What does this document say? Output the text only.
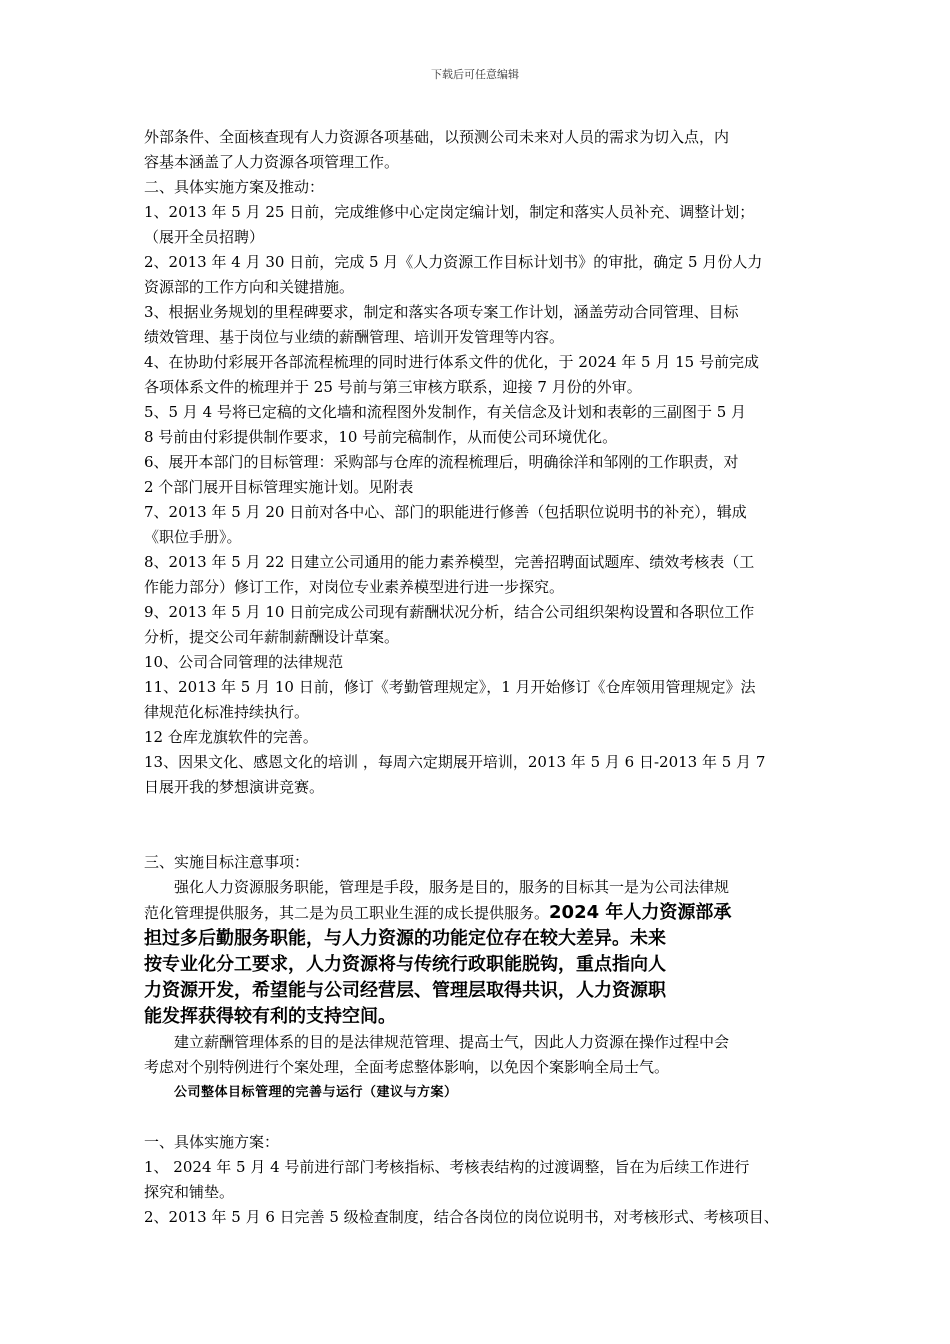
下载后可任意编辑

外部条件、全面核查现有人力资源各项基础，以预测公司未来对人员的需求为切入点，内

容基本涵盖了人力资源各项管理工作。

二、具体实施方案及推动：

1、2013 年 5 月 25 日前，完成维修中心定岗定编计划，制定和落实人员补充、调整计划；

（展开全员招聘）

2、2013 年 4 月 30 日前，完成 5 月《人力资源工作目标计划书》的审批，确定 5 月份人力

资源部的工作方向和关键措施。

3、根据业务规划的里程碑要求，制定和落实各项专案工作计划，涵盖劳动合同管理、目标

绩效管理、基于岗位与业绩的薪酬管理、培训开发管理等内容。

4、在协助付彩展开各部流程梳理的同时进行体系文件的优化，于 2024 年 5 月 15 号前完成

各项体系文件的梳理并于 25 号前与第三审核方联系，迎接 7 月份的外审。

5、5 月 4 号将已定稿的文化墙和流程图外发制作，有关信念及计划和表彰的三副图于 5 月

8 号前由付彩提供制作要求，10 号前完稿制作，从而使公司环境优化。

6、展开本部门的目标管理：采购部与仓库的流程梳理后，明确徐洋和邹刚的工作职责，对

2 个部门展开目标管理实施计划。见附表

7、2013 年 5 月 20 日前对各中心、部门的职能进行修善（包括职位说明书的补充），辑成

《职位手册》。

8、2013 年 5 月 22 日建立公司通用的能力素养模型，完善招聘面试题库、绩效考核表（工

作能力部分）修订工作，对岗位专业素养模型进行进一步探究。

9、2013 年 5 月 10 日前完成公司现有薪酬状况分析，结合公司组织架构设置和各职位工作

分析，提交公司年薪制薪酬设计草案。

10、公司合同管理的法律规范

11、2013 年 5 月 10 日前，修订《考勤管理规定》，1 月开始修订《仓库领用管理规定》法

律规范化标准持续执行。

12 仓库龙旗软件的完善。

13、因果文化、感恩文化的培训 ，每周六定期展开培训，2013 年 5 月 6 日-2013 年 5 月 7

日展开我的梦想演讲竞赛。

三、实施目标注意事项：

强化人力资源服务职能，管理是手段，服务是目的，服务的目标其一是为公司法律规

范化管理提供服务，其二是为员工职业生涯的成长提供服务。2024 年人力资源部承

担过多后勤服务职能，与人力资源的功能定位存在较大差异。未来

按专业化分工要求，人力资源将与传统行政职能脱钩，重点指向人

力资源开发，希望能与公司经营层、管理层取得共识，人力资源职

能发挥获得较有利的支持空间。

建立薪酬管理体系的目的是法律规范管理、提高士气，因此人力资源在操作过程中会

考虑对个别特例进行个案处理，全面考虑整体影响，以免因个案影响全局士气。

公司整体目标管理的完善与运行（建议与方案）

一、具体实施方案：

1、 2024 年 5 月 4 号前进行部门考核指标、考核表结构的过渡调整，旨在为后续工作进行

探究和铺垫。

2、2013 年 5 月 6 日完善 5 级检查制度，结合各岗位的岗位说明书，对考核形式、考核项目、
